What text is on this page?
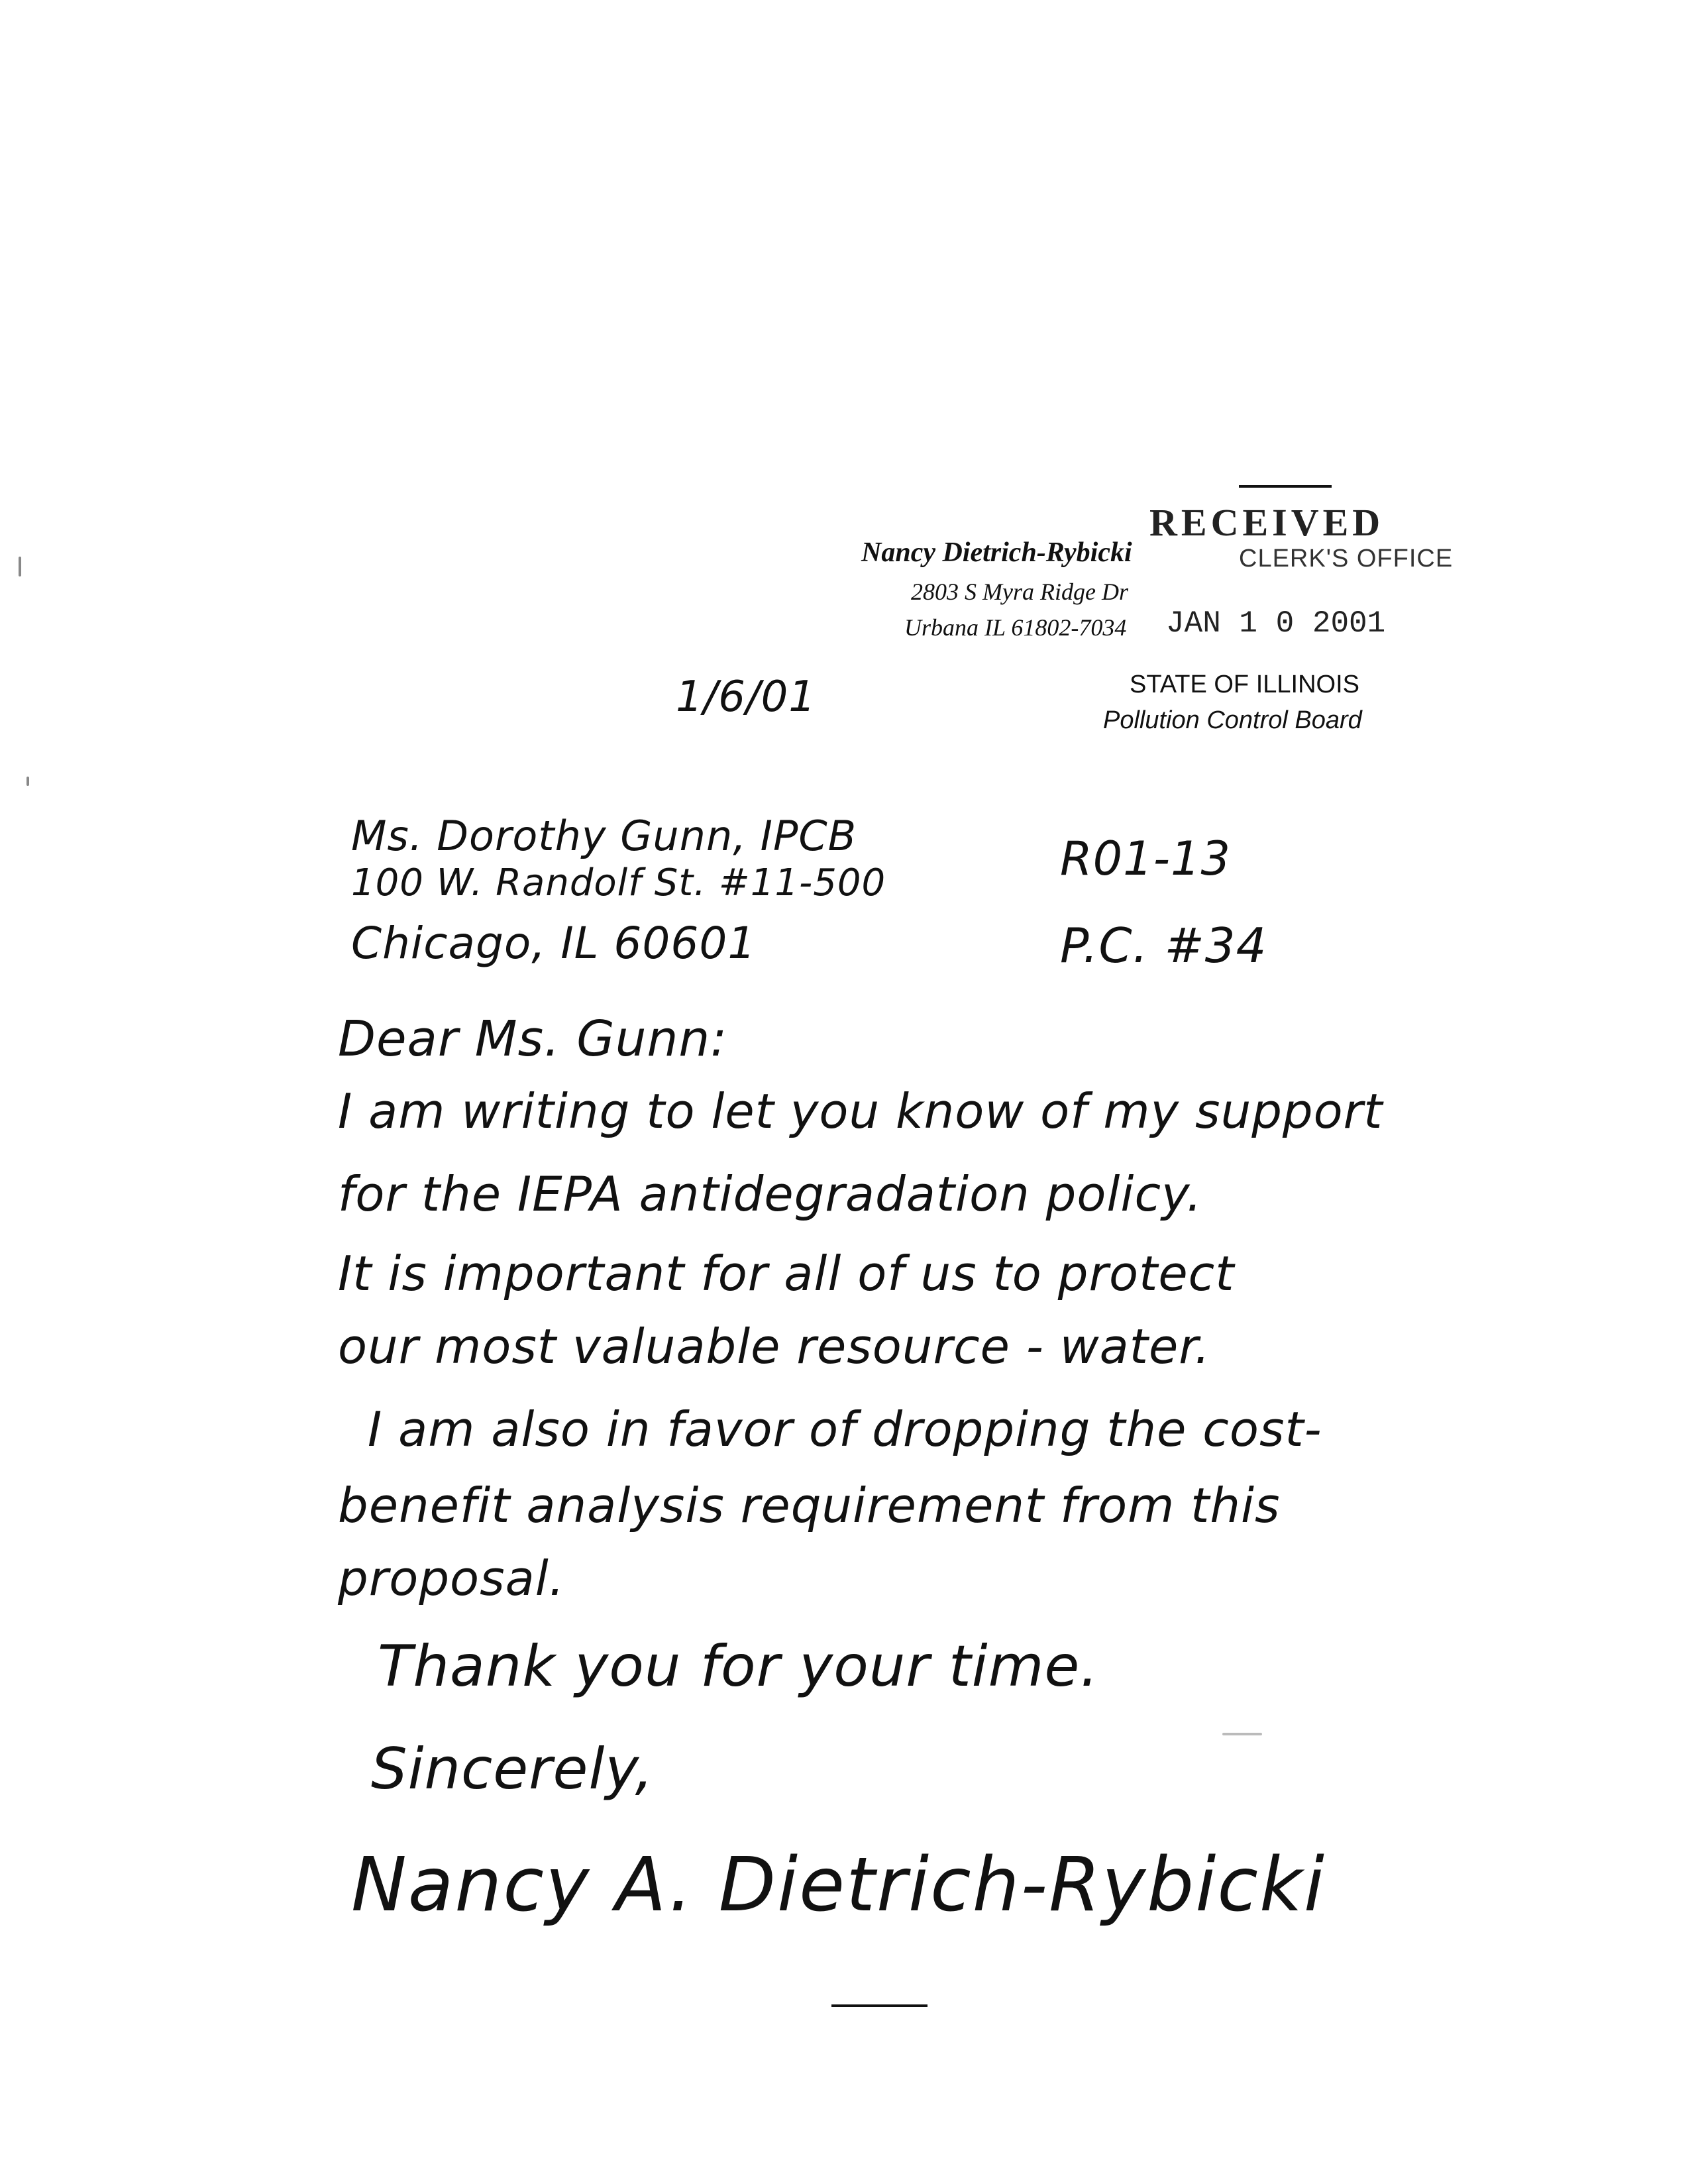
Nancy Dietrich-Rybicki
2803 S Myra Ridge Dr
Urbana IL 61802-7034
RECEIVED
CLERK'S OFFICE
JAN 1 0 2001
STATE OF ILLINOIS
Pollution Control Board
1/6/01
Ms. Dorothy Gunn, IPCB
100 W. Randolf St. #11-500
Chicago, IL 60601
R01-13
P.C. #34
Dear Ms. Gunn:
I am writing to let you know of my support
for the IEPA antidegradation policy.
It is important for all of us to protect
our most valuable resource - water.
I am also in favor of dropping the cost-
benefit analysis requirement from this
proposal.
Thank you for your time.
Sincerely,
Nancy A. Dietrich-Rybicki
